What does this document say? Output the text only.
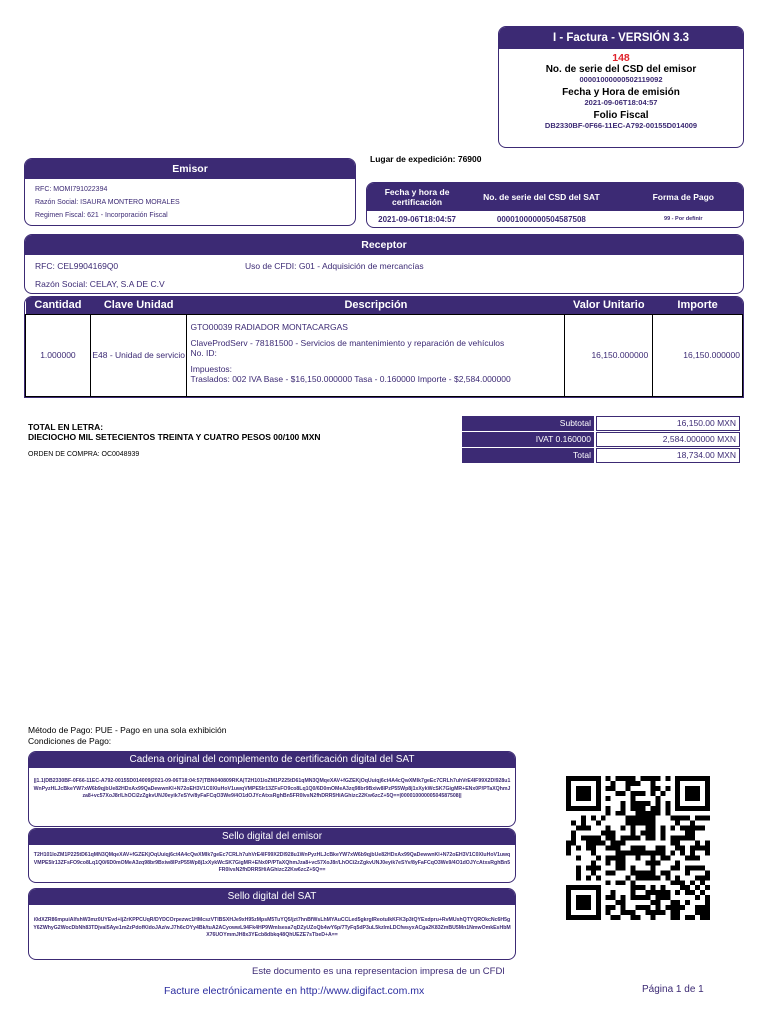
I - Factura - VERSIÓN 3.3
148
No. de serie del CSD del emisor
00001000000502119092
Fecha y Hora de emisión
2021-09-06T18:04:57
Folio Fiscal
DB2330BF-0F66-11EC-A792-00155D014009
Lugar de expedición: 76900
Emisor
RFC: MOMI791022394
Razón Social: ISAURA MONTERO MORALES
Regimen Fiscal: 621 - Incorporación Fiscal
Fecha y hora de certificación	No. de serie del CSD del SAT	Forma de Pago
2021-09-06T18:04:57	00001000000504587508	99 - Por definir
Receptor
RFC: CEL9904169Q0	Uso de CFDI: G01 - Adquisición de mercancías
Razón Social: CELAY, S.A DE C.V
Cantidad	Clave Unidad	Descripción	Valor Unitario	Importe
1.000000	E48 - Unidad de servicio	GTO00039 RADIADOR MONTACARGAS
ClaveProdServ - 78181500 - Servicios de mantenimiento y reparación de vehículos
No. ID:
Impuestos:
Traslados: 002 IVA Base - $16,150.000000 Tasa - 0.160000 Importe - $2,584.000000	16,150.000000	16,150.000000
TOTAL EN LETRA:
DIECIOCHO MIL SETECIENTOS TREINTA Y CUATRO PESOS 00/100 MXN
ORDEN DE COMPRA: OC0048939
Subtotal	16,150.00 MXN
IVAT 0.160000	2,584.000000 MXN
Total	18,734.00 MXN
Método de Pago: PUE - Pago en una sola exhibición
Condiciones de Pago:
Cadena original del complemento de certificación digital del SAT
||1.1|DB2330BF-0F66-11EC-A792-00155D014009|2021-09-06T18:04:57|TBN040809RKA|T2H101loZM1P225tD61qMN3QMqeXAV+fGZEKjOqUuiqj6ct4A4cQwXMlk7geEc7CRLh7uhVrE4lF99X2Dl928u1WnPyzHLJcBkeYW7xW6b9qjbUe82HDxAx99QaDewwnKI+N72oEH3V1C0XluHoV1uwqVMPE5Ir13ZFsFO9co8Lq1Q0/6D0mOMeA3zq98br9Bxiw8lPzP55Wp8j1xXykWcSK7GigMR+ENx0P/PTaXQhmJza8+vc57XoJ8r/LhOCi2zZgkvUNJ0eyik7eSYv/8yFaFCqO3We9/4O1dOJYcAtxsRghBn5FR0lvsN2fhDRR5HiAGhizc22Kw6zcZ+5Q==|00001000000504587508||
Sello digital del emisor
T2H101loZM1P225tD61qMN3QMqeXAV+fGZEKjOqUuiqj6ct4A4cQwXMlk7geEc7CRLh7uhVrE4lF99X2Dl928u1WnPyzHLJcBkeYW7xW6b9qjbUe82HDxAx99QaDewwnKI+N72oEH3V1C0XluHoV1uwqVMPE5Ir13ZFsFO9co8Lq1Q0/6D0mOMeA3zq98br9Bxiw8lPzP55Wp8j1xXykWcSK7GigMR+ENx0P/PTaXQhmJza8+vc57XoJ8r/LhOCi2zZgkvUNJ0eyik7eSYv/8yFaFCqO3We9/4O1dOJYcAtxsRghBn5FR0lvsN2fhDRR5HiAGhizc22Kw6zcZ+5Q==
Sello digital del SAT
i0dXZR86mpuiAlfshW3mz0UYEvd+IjZrKPPCUqR/DYDCOrpezwc1HMcszVTIBSXHJe9xH95zMpsM5TuYQ5/jzt7hnBfWsLhMYAuCCLed5gkrgIReotuIkKFK3p3tQYExdpru+RvMUshQTYQROkcNc6H5gY6ZWhyG2WocDbNh83TDjval5Aye1m2zPdofKldoJAz/w.J7h6cOYy4Bk/tuA2ACyowwL94Fk4HP9Wmlsesa7qDZyUZoQb4wY6p/7TyFq5dP3uL5kzlmLDCfwsyxACga2K83ZmBU5Mn1NmwOmkEsHbMX76UOYmmJH8x3YEcb8dbkq48QhUEZE7sTbeD+A==
Este documento es una representacion impresa de un CFDI
Facture electrónicamente en http://www.digifact.com.mx	Página 1 de 1
